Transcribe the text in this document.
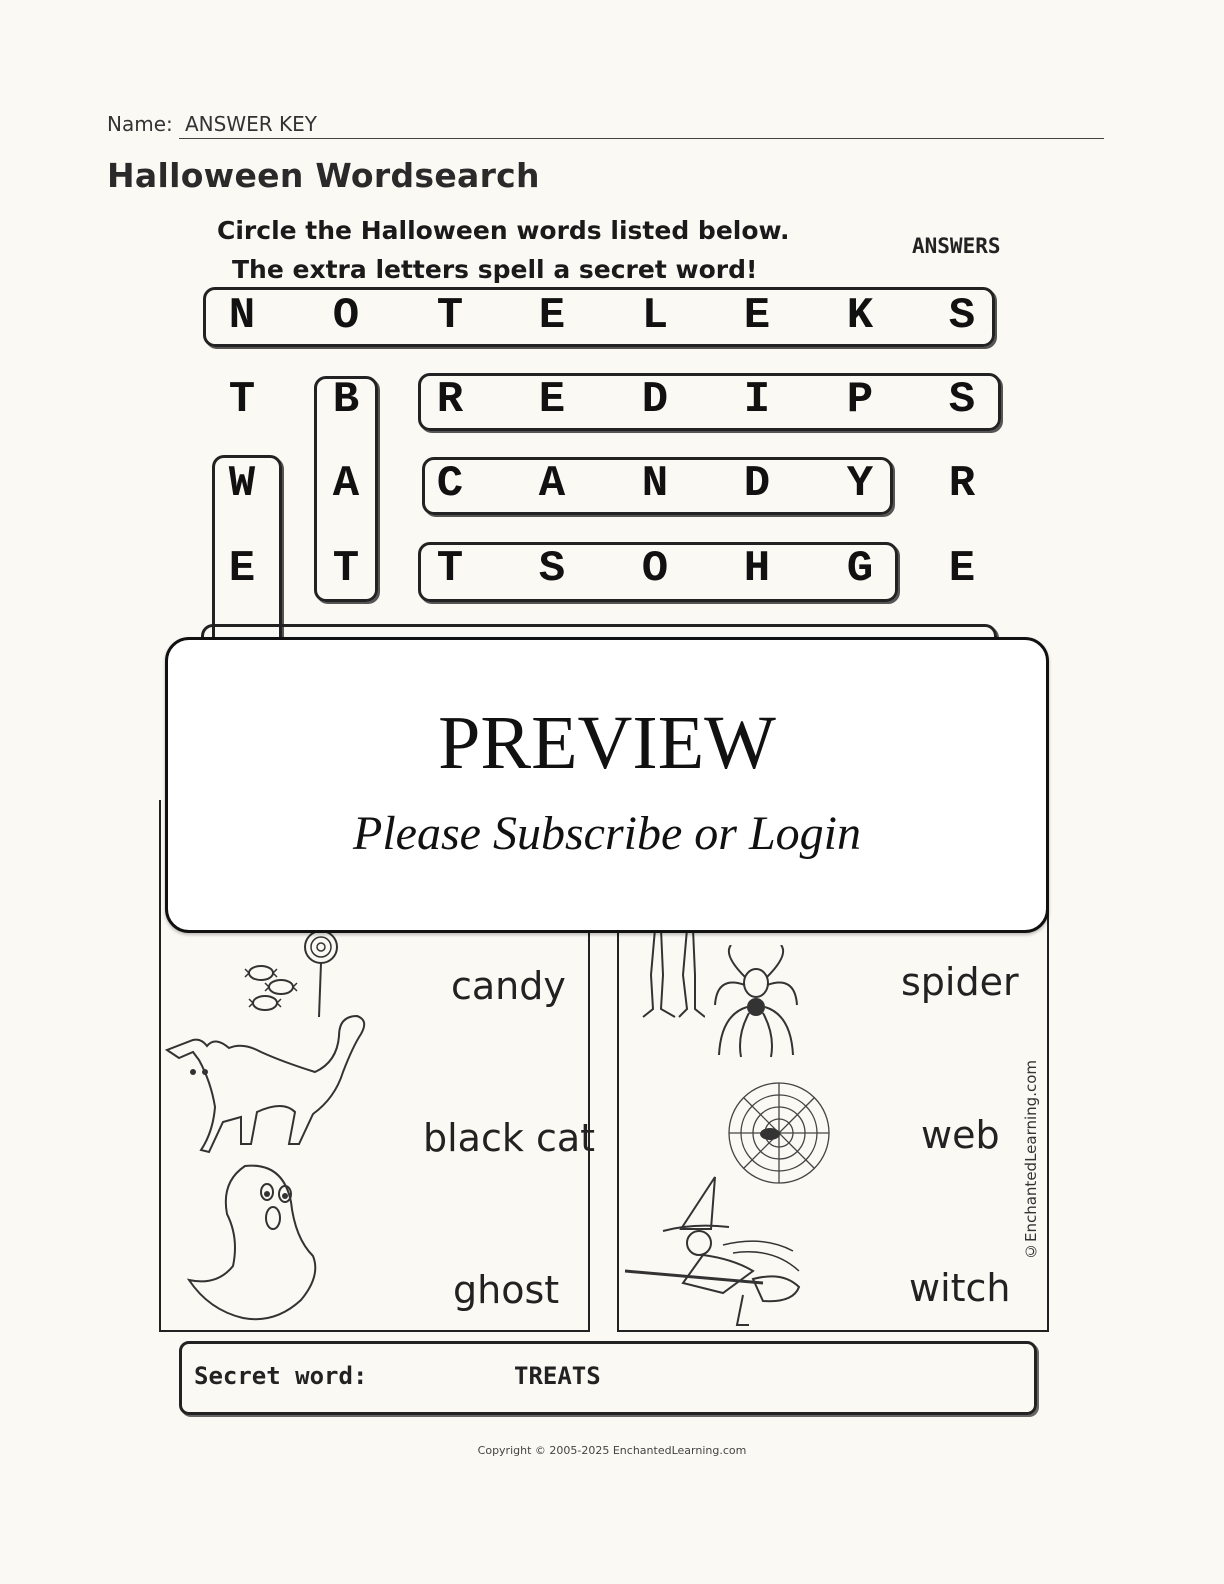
Name: ANSWER KEY
Halloween Wordsearch
Circle the Halloween words listed below.
The extra letters spell a secret word!
ANSWERS
N	O	T	E	L	E	K	S
T	B	R	E	D	I	P	S
W	A	C	A	N	D	Y	R
E	T	T	S	O	H	G	E
candy
black cat
ghost
spider
web
witch
©EnchantedLearning.com
PREVIEW
Please Subscribe or Login
Secret word:	TREATS
Copyright © 2005-2025 EnchantedLearning.com
